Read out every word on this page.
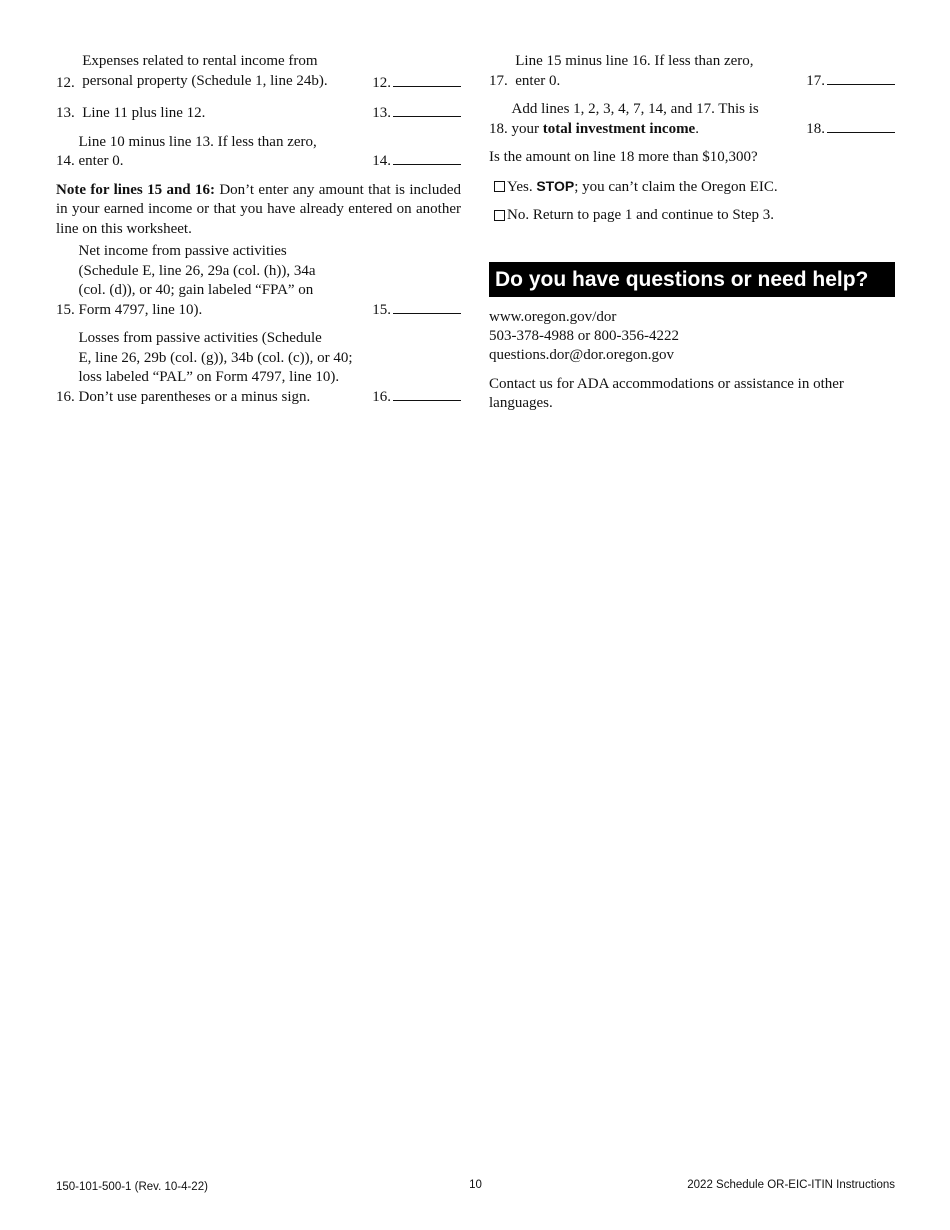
12.
Expenses related to rental income from
personal property (Schedule 1, line 24b).	12.
13. Line 11 plus line 12.	13.
14.
Line 10 minus line 13. If less than zero,
enter 0.	14.

Note for lines 15 and 16: Don’t enter any amount that is included in your earned income or that you have already entered on another line on this worksheet.

15.
Net income from passive activities
(Schedule E, line 26, 29a (col. (h)), 34a
(col. (d)), or 40; gain labeled “FPA” on
Form 4797, line 10).	15.
16.
Losses from passive activities (Schedule
E, line 26, 29b (col. (g)), 34b (col. (c)), or 40;
loss labeled “PAL” on Form 4797, line 10).
Don’t use parentheses or a minus sign.	16.
17.
Line 15 minus line 16. If less than zero,
enter 0.	17.
18.
Add lines 1, 2, 3, 4, 7, 14, and 17. This is
your total investment income.	18.
Is the amount on line 18 more than $10,300?
Yes. STOP; you can’t claim the Oregon EIC.
No. Return to page 1 and continue to Step 3.
Do you have questions or need help?
www.oregon.gov/dor
503-378-4988 or 800-356-4222
questions.dor@dor.oregon.gov
Contact us for ADA accommodations or assistance in other languages.
150-101-500-1 (Rev. 10-4-22)	10	2022 Schedule OR-EIC-ITIN Instructions
